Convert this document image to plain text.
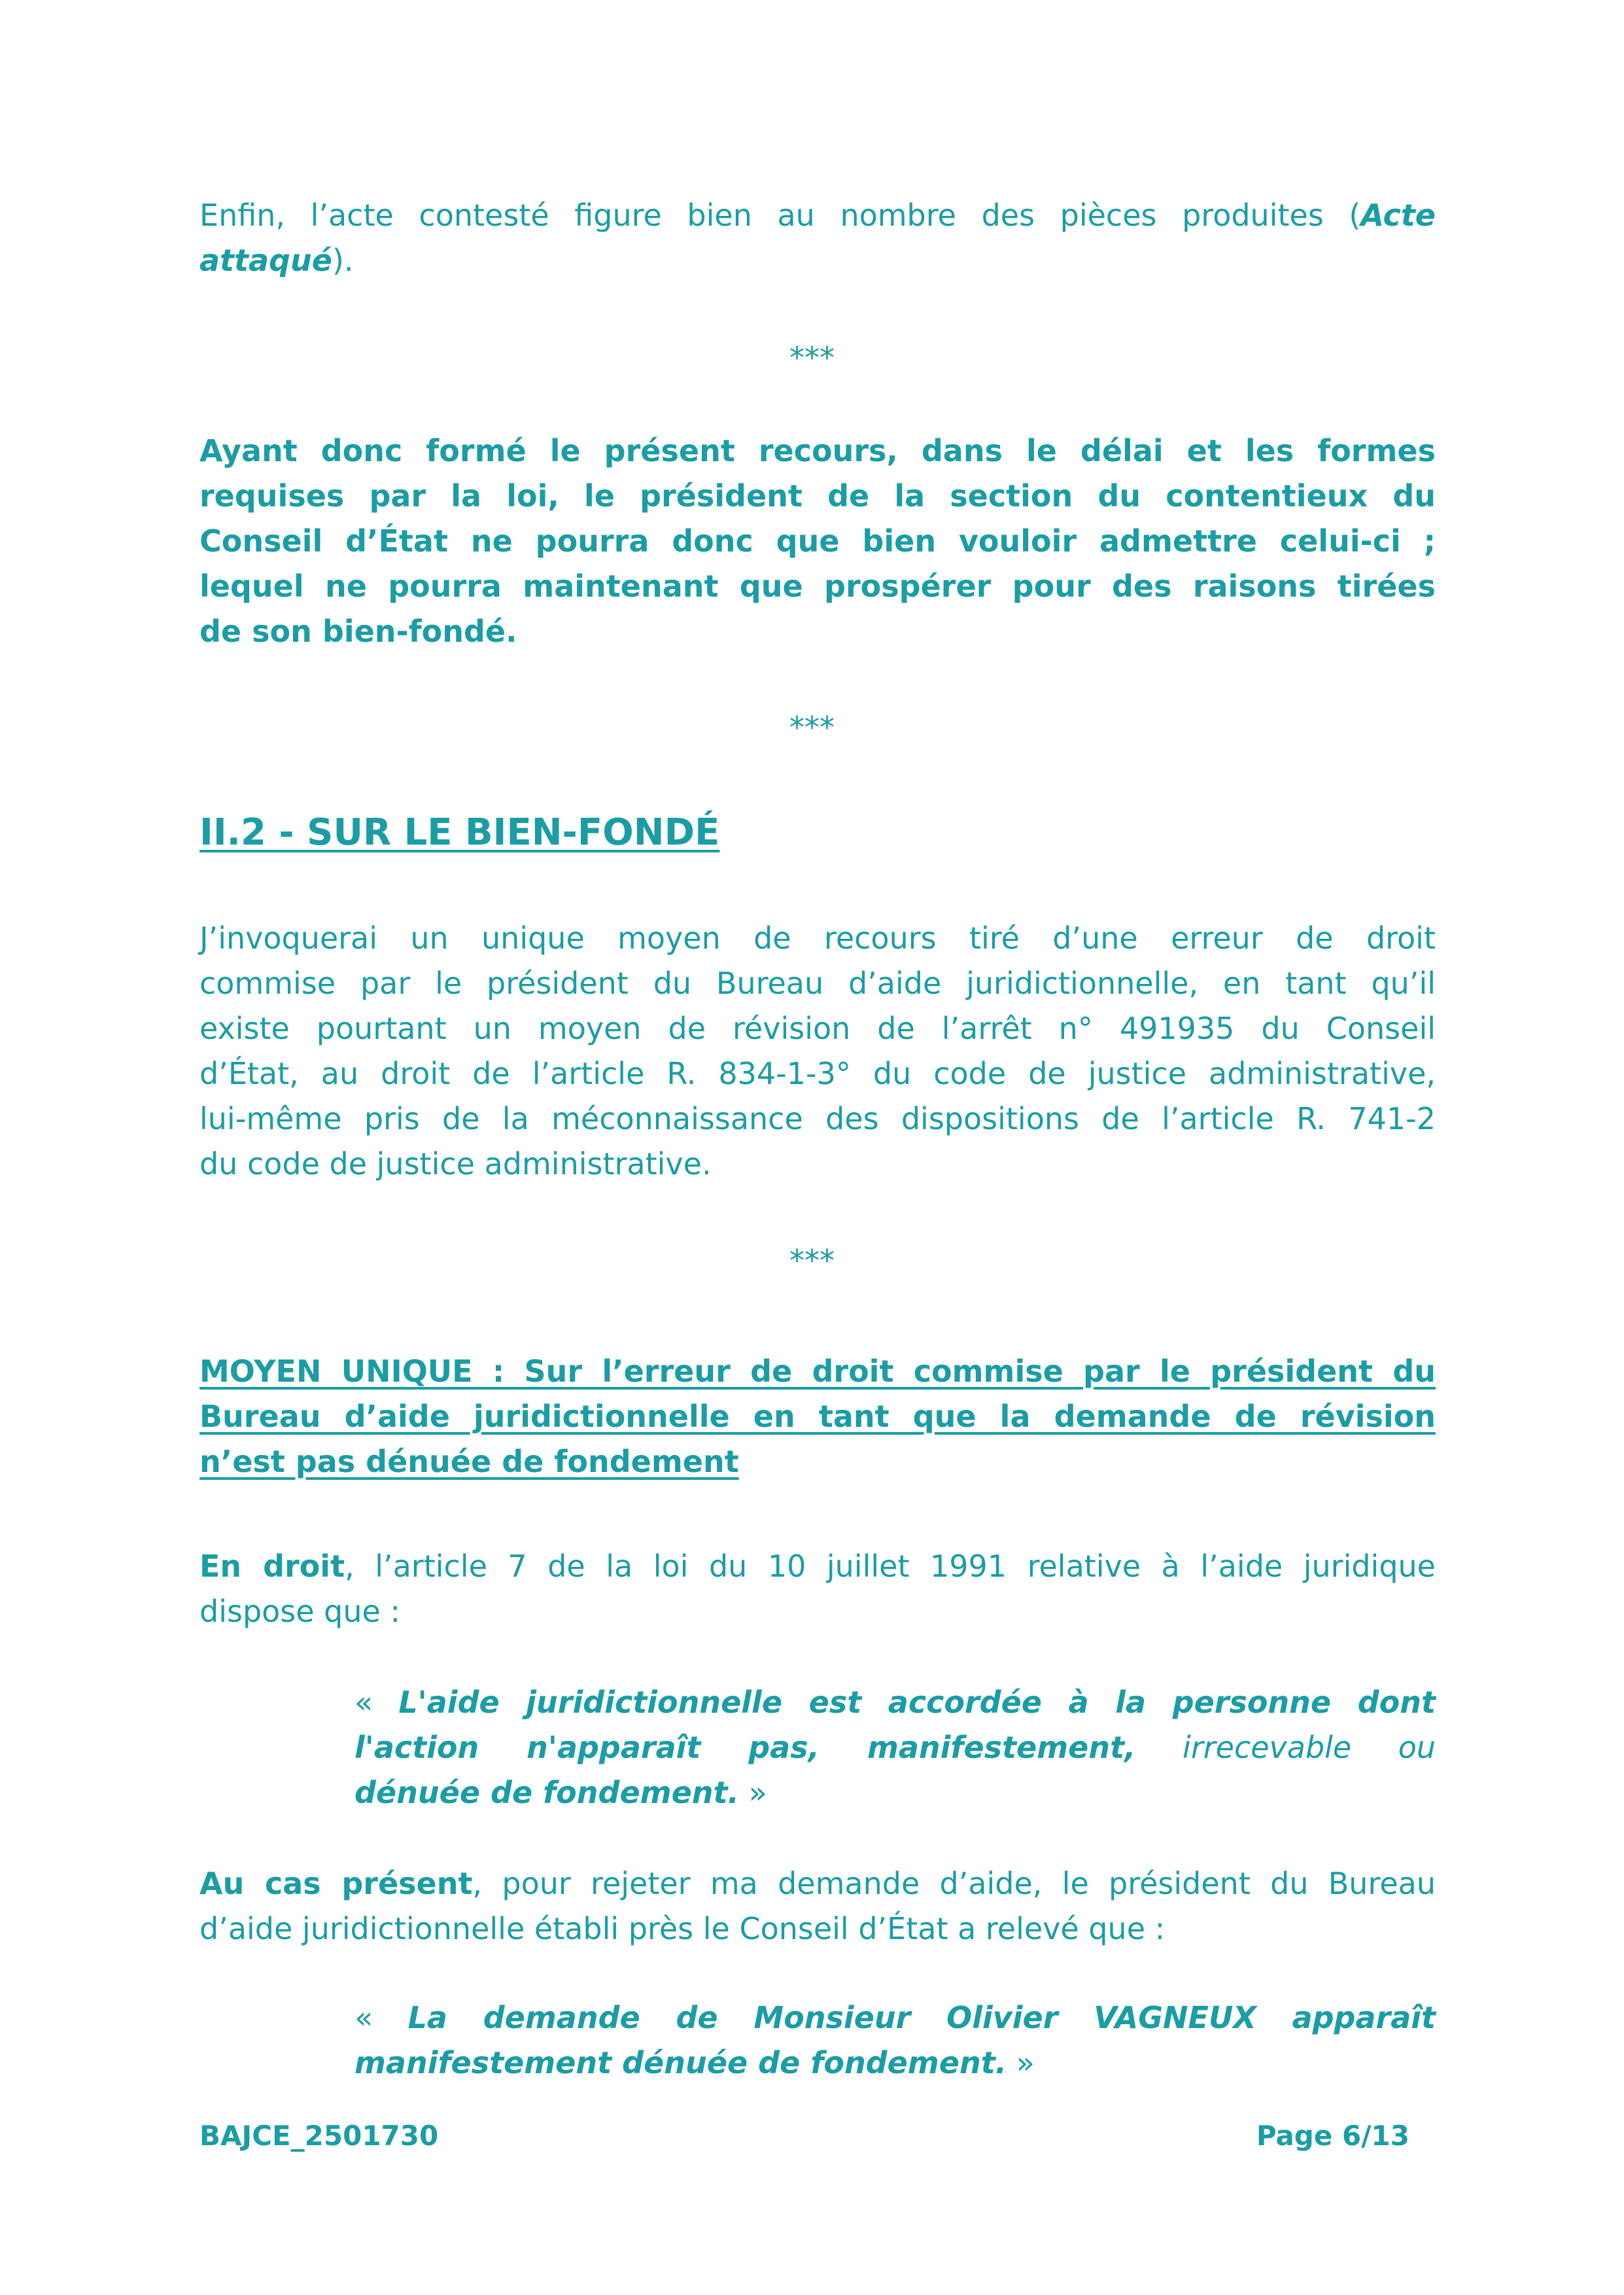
Enfin, l’acte contesté figure bien au nombre des pièces produites (Acte
attaqué).
***
Ayant donc formé le présent recours, dans le délai et les formes
requises par la loi, le président de la section du contentieux du
Conseil d’État ne pourra donc que bien vouloir admettre celui-ci ;
lequel ne pourra maintenant que prospérer pour des raisons tirées
de son bien-fondé.
***
II.2 - SUR LE BIEN-FONDÉ
J’invoquerai un unique moyen de recours tiré d’une erreur de droit
commise par le président du Bureau d’aide juridictionnelle, en tant qu’il
existe pourtant un moyen de révision de l’arrêt n° 491935 du Conseil
d’État, au droit de l’article R. 834-1-3° du code de justice administrative,
lui-même pris de la méconnaissance des dispositions de l’article R. 741-2
du code de justice administrative.
***
MOYEN UNIQUE : Sur l’erreur de droit commise par le président du
Bureau d’aide juridictionnelle en tant que la demande de révision
n’est pas dénuée de fondement
En droit, l’article 7 de la loi du 10 juillet 1991 relative à l’aide juridique
dispose que :
« L'aide juridictionnelle est accordée à la personne dont
l'action n'apparaît pas, manifestement, irrecevable ou
dénuée de fondement. »
Au cas présent, pour rejeter ma demande d’aide, le président du Bureau
d’aide juridictionnelle établi près le Conseil d’État a relevé que :
« La demande de Monsieur Olivier VAGNEUX apparaît
manifestement dénuée de fondement. »
BAJCE_2501730	Page 6/13
